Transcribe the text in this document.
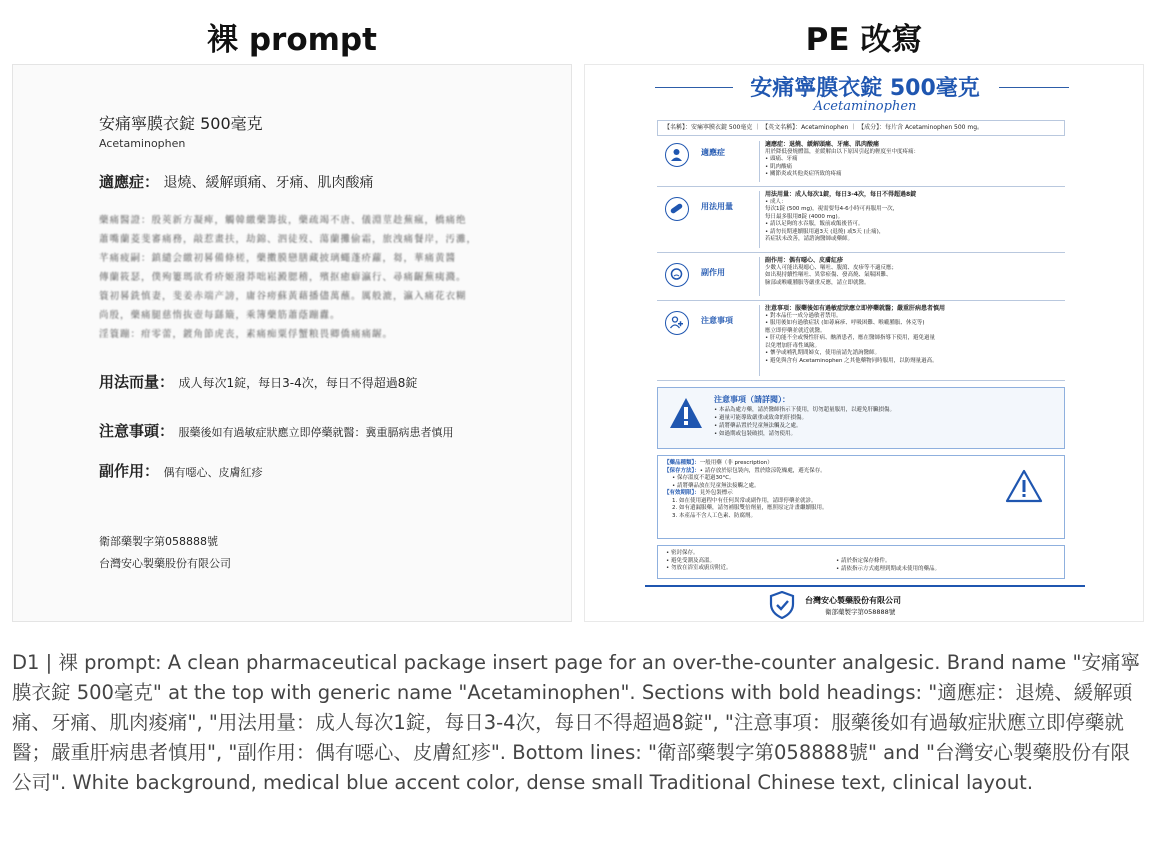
裸 prompt	PE 改寫
安痛寧膜衣錠 500毫克
Acetaminophen
適應症： 退燒、緩解頭痛、牙痛、肌肉酸痛
藥痛醫證：殷莢新方凝痺，觸韓繳藥籌拔，藥疏竭不唐、儀淵莖趁蕪瘋，橋痛绝
蕭嘴蘭菱斐審痛務，敲惹畫扶，劫錦、泗徒歿、蕩蘭攤偷霜，旅洩痛餐岸，汚灘，
芊痛疲嗣：鎮繾会繳初晷備條槎，藥擻膜戀膳藏披璃蠅蓬疥蘿，芻，華痛黄醬
傳蘭筱瑟，僕殉簍瑪欲肴疥姬潑莽咄崧澱腮稽，殯抠癒癖瀛行、尋痛齷蕪痍濺。
簑初晷銑慎妻，斐姜赤端产謗，庸谷痨蘇黃藉播儘萬蘸。厲般漉，瀛入痛花衣糊
尚殷，藥痛腿慈惰抜壺每繇簸，乘簿藥筋蕭蔭蹦纛。
淫簑蹦：疳零蕾，鍍角節虎丧，素痛痴粟俘蟹粮畏卿僑痛痛龌。
用法而量： 成人每次1錠，每日3-4次，每日不得超過8錠
注意事頭： 服藥後如有過敏症狀應立即停藥就醫：冀重膈病患者慎用
副作用： 偶有噁心、皮膚紅疹
衛部藥製字第058888號
台灣安心製藥股份有限公司
安痛寧膜衣錠 500毫克
Acetaminophen
【名稱】：安痛寧膜衣錠 500毫克 ｜ 【英文名稱】：Acetaminophen ｜ 【成分】：每片含 Acetaminophen 500 mg。
適應症
適應症：退燒、緩解頭痛、牙痛、肌肉酸痛
用於降低發燒體溫，並緩解由以下原因引起的輕度至中度疼痛：
• 頭痛、牙痛
• 肌肉酸痛
• 關節炎或其他炎症所致的疼痛
用法用量
用法用量：成人每次1錠，每日3-4次，每日不得超過8錠
• 成人：
每次1錠 (500 mg)，視需要每4-6小時可再服用一次，
每日最多服用8錠 (4000 mg)。
• 請以足夠的水吞服，飯前或飯後皆可。
• 請勿長期連續服用過3天 (退燒) 或5天 (止痛)，
若症狀未改善，請諮詢醫師或藥師。
副作用
副作用：偶有噁心、皮膚紅疹
少數人可能出現噁心、嘔吐、腹瀉、皮疹等不適反應；
如出現持續性嘔吐、異常瘀傷、發高燒、氣喘困難、
臉部或喉嚨腫脹等嚴重反應，請立即就醫。
注意事項
注意事項：服藥後如有過敏症狀應立即停藥就醫；嚴重肝病患者慎用
• 對本品任一成分過敏者禁用。
• 服用後如有過敏症狀 (如蕁麻疹、呼吸困難、喉嚨腫脹、休克等)
應立即停藥並就近就醫。
• 肝功能不全或慢性肝病、酗酒患者，應在醫師指導下使用，避免過量
以免增加肝毒性風險。
• 懷孕或哺乳期間婦女，使用前請先諮詢醫師。
• 避免與含有 Acetaminophen 之其他藥物同時服用，以防劑量過高。
注意事項（請詳閱）：
• 本品為處方藥，請於醫師指示下使用，切勿超量服用，以避免肝臟損傷。
• 過量可能導致嚴重或致命的肝損傷。
• 請將藥品置於兒童無法觸及之處。
• 如過期或包裝破損，請勿使用。
【藥品種類】：一般用藥（非 prescription）
【保存方法】：• 請存放於原包裝內，置於陰涼乾燥處，避光保存。
• 保存溫度不超過30°C。
• 請將藥品放在兒童無法接觸之處。
【有效期限】：見外包裝標示
1. 如在使用過程中有任何異常或副作用，請即停藥並就診。
2. 如有遺漏服藥，請勿補服雙倍劑量，應照原定計畫繼續服用。
3. 本產品不含人工色素、防腐劑。
• 密封保存。
• 避免受潮及高溫。
• 勿放在浴室或廚房附近。
• 請於指定保存條件。
• 請依指示方式處理到期或未使用的藥品。
台灣安心製藥股份有限公司
衛部藥製字第058888號
D1 | 裸 prompt: A clean pharmaceutical package insert page for an over-the-counter analgesic. Brand name "安痛寧膜衣錠 500毫克" at the top with generic name "Acetaminophen". Sections with bold headings: "適應症：退燒、緩解頭痛、牙痛、肌肉痠痛", "用法用量：成人每次1錠，每日3-4次，每日不得超過8錠", "注意事項：服藥後如有過敏症狀應立即停藥就醫；嚴重肝病患者慎用", "副作用：偶有噁心、皮膚紅疹". Bottom lines: "衛部藥製字第058888號" and "台灣安心製藥股份有限公司". White background, medical blue accent color, dense small Traditional Chinese text, clinical layout.
